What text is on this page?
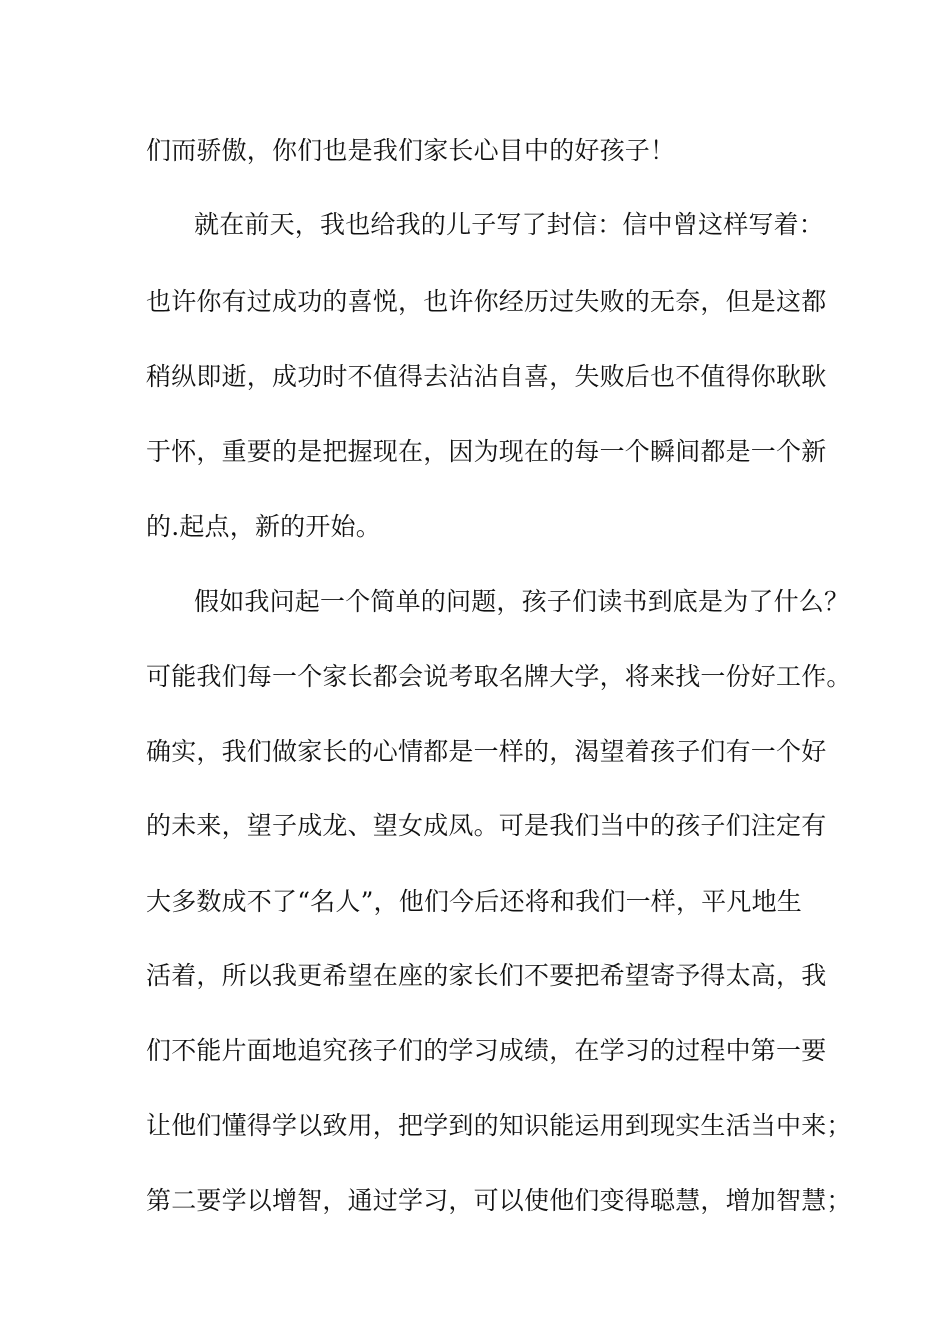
们而骄傲，你们也是我们家长心目中的好孩子！
就在前天，我也给我的儿子写了封信：信中曾这样写着：
也许你有过成功的喜悦，也许你经历过失败的无奈，但是这都
稍纵即逝，成功时不值得去沾沾自喜，失败后也不值得你耿耿
于怀，重要的是把握现在，因为现在的每一个瞬间都是一个新
的.起点，新的开始。
假如我问起一个简单的问题，孩子们读书到底是为了什么？
可能我们每一个家长都会说考取名牌大学，将来找一份好工作。
确实，我们做家长的心情都是一样的，渴望着孩子们有一个好
的未来，望子成龙、望女成凤。可是我们当中的孩子们注定有
大多数成不了“名人”，他们今后还将和我们一样，平凡地生
活着，所以我更希望在座的家长们不要把希望寄予得太高，我
们不能片面地追究孩子们的学习成绩，在学习的过程中第一要
让他们懂得学以致用，把学到的知识能运用到现实生活当中来；
第二要学以增智，通过学习，可以使他们变得聪慧，增加智慧；
